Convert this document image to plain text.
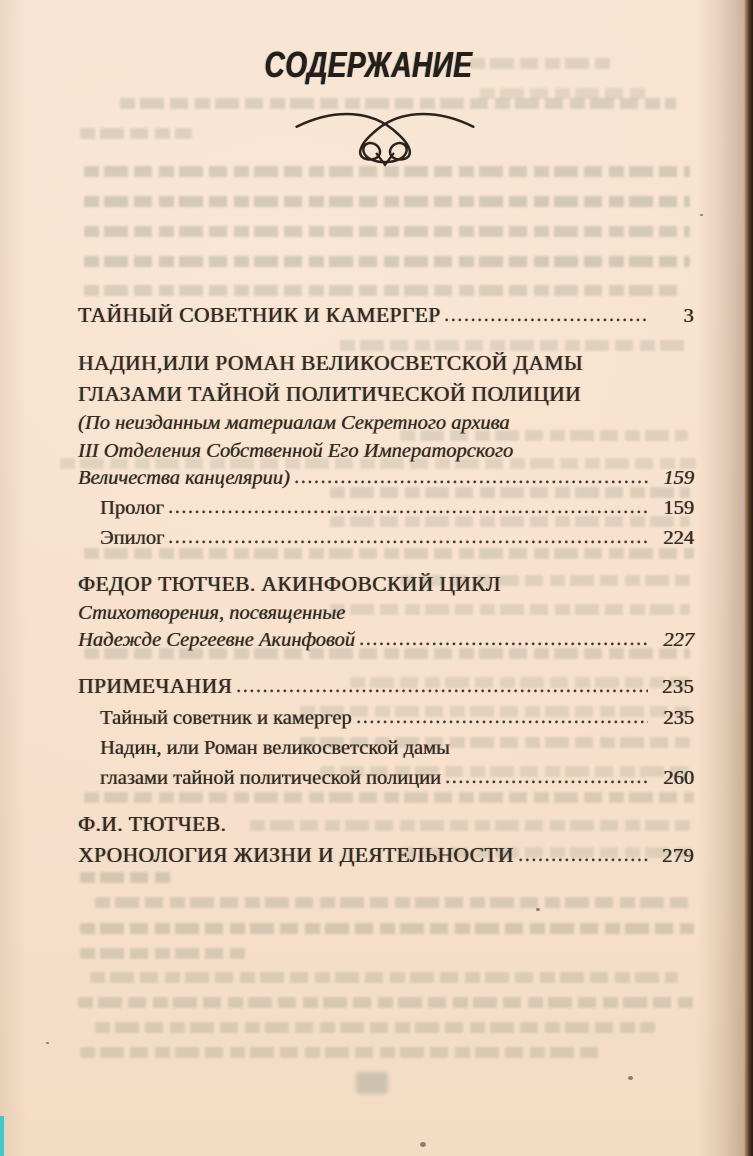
СОДЕРЖАНИЕ
ТАЙНЫЙ СОВЕТНИК И КАМЕРГЕР	3
НАДИН,ИЛИ РОМАН ВЕЛИКОСВЕТСКОЙ ДАМЫ
ГЛАЗАМИ ТАЙНОЙ ПОЛИТИЧЕСКОЙ ПОЛИЦИИ
(По неизданным материалам Секретного архива
III Отделения Собственной Его Императорского
Величества канцелярии)	159
Пролог	159
Эпилог	224
ФЕДОР ТЮТЧЕВ. АКИНФОВСКИЙ ЦИКЛ
Стихотворения, посвященные
Надежде Сергеевне Акинфовой	227
ПРИМЕЧАНИЯ	235
Тайный советник и камергер	235
Надин, или Роман великосветской дамы
глазами тайной политической полиции	260
Ф.И. ТЮТЧЕВ.
ХРОНОЛОГИЯ ЖИЗНИ И ДЕЯТЕЛЬНОСТИ	279
